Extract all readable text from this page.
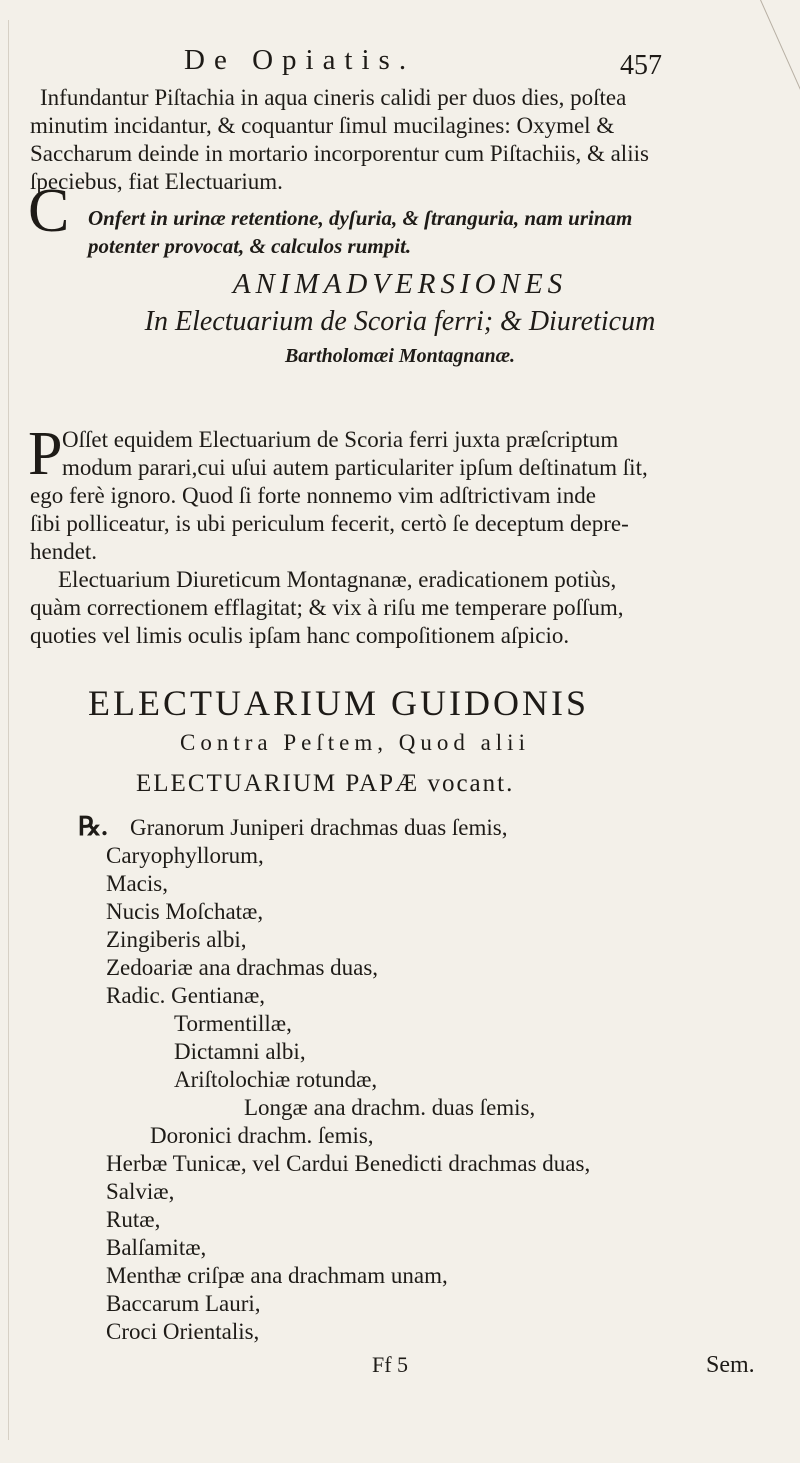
De Opiatis.	457
Infundantur Piſtachia in aqua cineris calidi per duos dies, poſtea
minutim incidantur, & coquantur ſimul mucilagines: Oxymel &
Saccharum deinde in mortario incorporentur cum Piſtachiis, & aliis
ſpeciebus, fiat Electuarium.
C Onfert in urinæ retentione, dyſuria, & ſtranguria, nam urinam
potenter provocat, & calculos rumpit.
ANIMADVERSIONES
In Electuarium de Scoria ferri; & Diureticum
Bartholomæi Montagnanæ.
P Oſſet equidem Electuarium de Scoria ferri juxta præſcriptum
modum parari,cui uſui autem particulariter ipſum deſtinatum ſit,
ego ferè ignoro. Quod ſi forte nonnemo vim adſtrictivam inde
ſibi polliceatur, is ubi periculum fecerit, certò ſe deceptum depre-
hendet.
Electuarium Diureticum Montagnanæ, eradicationem potiùs,
quàm correctionem efflagitat; & vix à riſu me temperare poſſum,
quoties vel limis oculis ipſam hanc compoſitionem aſpicio.
ELECTUARIUM GUIDONIS
Contra Peſtem, Quod alii
ELECTUARIUM PAPÆ vocant.
℞. Granorum Juniperi drachmas duas ſemis,
Caryophyllorum,
Macis,
Nucis Moſchatæ,
Zingiberis albi,
Zedoariæ ana drachmas duas,
Radic. Gentianæ,
Tormentillæ,
Dictamni albi,
Ariſtolochiæ rotundæ,
Longæ ana drachm. duas ſemis,
Doronici drachm. ſemis,
Herbæ Tunicæ, vel Cardui Benedicti drachmas duas,
Salviæ,
Rutæ,
Balſamitæ,
Menthæ criſpæ ana drachmam unam,
Baccarum Lauri,
Croci Orientalis,
Ff 5	Sem.
